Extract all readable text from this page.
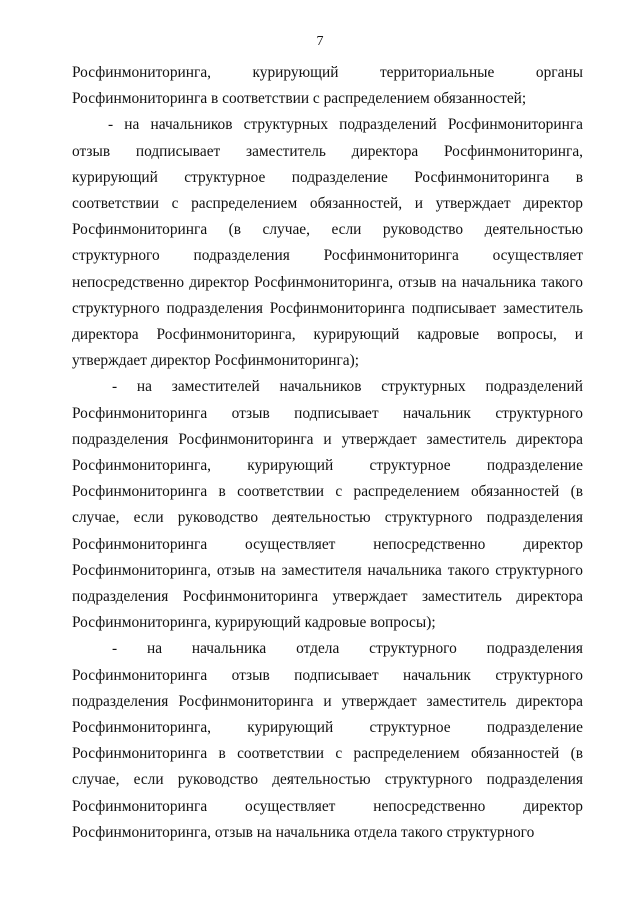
7

Росфинмониторинга, курирующий территориальные органы Росфинмониторинга в соответствии с распределением обязанностей;

- на начальников структурных подразделений Росфинмониторинга отзыв подписывает заместитель директора Росфинмониторинга, курирующий структурное подразделение Росфинмониторинга в соответствии с распределением обязанностей, и утверждает директор Росфинмониторинга (в случае, если руководство деятельностью структурного подразделения Росфинмониторинга осуществляет непосредственно директор Росфинмониторинга, отзыв на начальника такого структурного подразделения Росфинмониторинга подписывает заместитель директора Росфинмониторинга, курирующий кадровые вопросы, и утверждает директор Росфинмониторинга);

- на заместителей начальников структурных подразделений Росфинмониторинга отзыв подписывает начальник структурного подразделения Росфинмониторинга и утверждает заместитель директора Росфинмониторинга, курирующий структурное подразделение Росфинмониторинга в соответствии с распределением обязанностей (в случае, если руководство деятельностью структурного подразделения Росфинмониторинга осуществляет непосредственно директор Росфинмониторинга, отзыв на заместителя начальника такого структурного подразделения Росфинмониторинга утверждает заместитель директора Росфинмониторинга, курирующий кадровые вопросы);

- на начальника отдела структурного подразделения Росфинмониторинга отзыв подписывает начальник структурного подразделения Росфинмониторинга и утверждает заместитель директора Росфинмониторинга, курирующий структурное подразделение Росфинмониторинга в соответствии с распределением обязанностей (в случае, если руководство деятельностью структурного подразделения Росфинмониторинга осуществляет непосредственно директор Росфинмониторинга, отзыв на начальника отдела такого структурного
